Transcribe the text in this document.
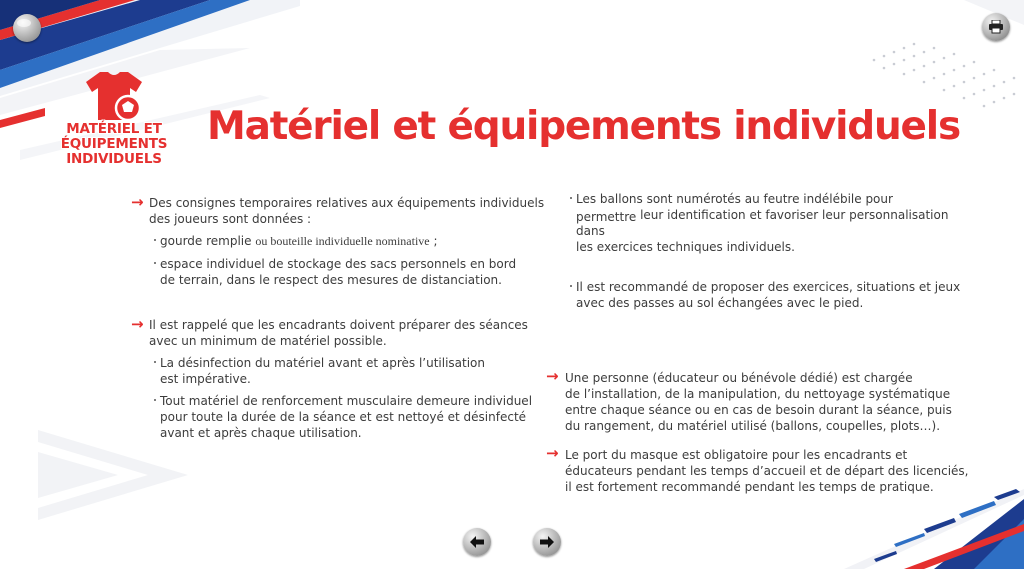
MATÉRIEL ET
ÉQUIPEMENTS
INDIVIDUELS
Matériel et équipements individuels
→ Des consignes temporaires relatives aux équipements individuels
des joueurs sont données :
gourde remplie ou bouteille individuelle nominative ;
espace individuel de stockage des sacs personnels en bord
de terrain, dans le respect des mesures de distanciation.
→ Il est rappelé que les encadrants doivent préparer des séances
avec un minimum de matériel possible.
La désinfection du matériel avant et après l’utilisation
est impérative.
Tout matériel de renforcement musculaire demeure individuel
pour toute la durée de la séance et est nettoyé et désinfecté
avant et après chaque utilisation.
Les ballons sont numérotés au feutre indélébile pour
permettre leur identification et favoriser leur personnalisation
dans
les exercices techniques individuels.
Il est recommandé de proposer des exercices, situations et jeux
avec des passes au sol échangées avec le pied.
→ Une personne (éducateur ou bénévole dédié) est chargée
de l’installation, de la manipulation, du nettoyage systématique
entre chaque séance ou en cas de besoin durant la séance, puis
du rangement, du matériel utilisé (ballons, coupelles, plots…).
→ Le port du masque est obligatoire pour les encadrants et
éducateurs pendant les temps d’accueil et de départ des licenciés,
il est fortement recommandé pendant les temps de pratique.
